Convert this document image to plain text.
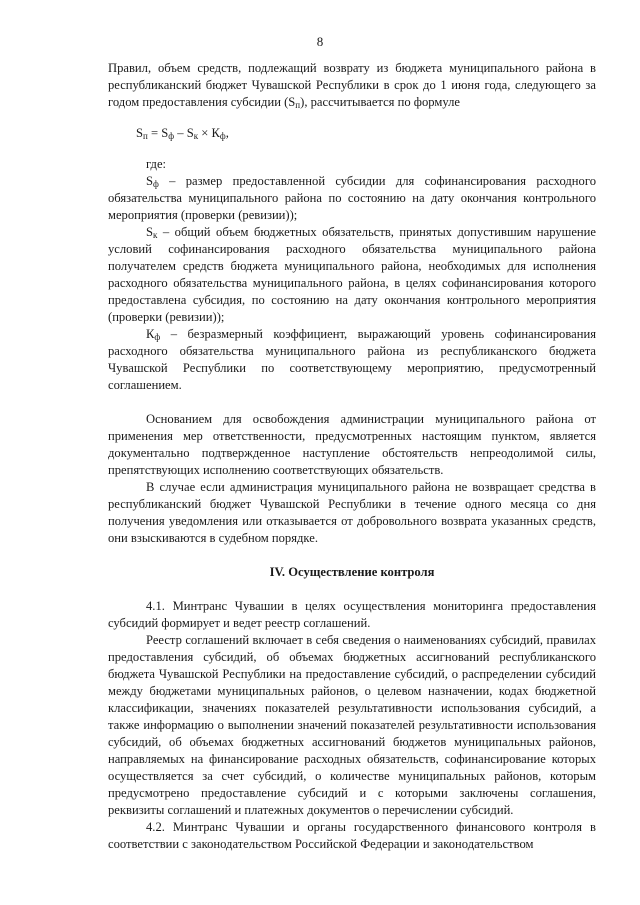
8

Правил, объем средств, подлежащий возврату из бюджета муниципального района в республиканский бюджет Чувашской Республики в срок до 1 июня года, следующего за годом предоставления субсидии $(S_п)$, рассчитывается по формуле

$S_п = S_ф - S_к \times К_ф$,

где:

$S_ф$ – размер предоставленной субсидии для софинансирования расходного обязательства муниципального района по состоянию на дату окончания контрольного мероприятия (проверки (ревизии));

$S_к$ – общий объем бюджетных обязательств, принятых допустившим нарушение условий софинансирования расходного обязательства муниципального района получателем средств бюджета муниципального района, необходимых для исполнения расходного обязательства муниципального района, в целях софинансирования которого предоставлена субсидия, по состоянию на дату окончания контрольного мероприятия (проверки (ревизии));

$К_ф$ – безразмерный коэффициент, выражающий уровень софинансирования расходного обязательства муниципального района из республиканского бюджета Чувашской Республики по соответствующему мероприятию, предусмотренный соглашением.

Основанием для освобождения администрации муниципального района от применения мер ответственности, предусмотренных настоящим пунктом, является документально подтвержденное наступление обстоятельств непреодолимой силы, препятствующих исполнению соответствующих обязательств.

В случае если администрация муниципального района не возвращает средства в республиканский бюджет Чувашской Республики в течение одного месяца со дня получения уведомления или отказывается от добровольного возврата указанных средств, они взыскиваются в судебном порядке.

IV. Осуществление контроля

4.1. Минтранс Чувашии в целях осуществления мониторинга предоставления субсидий формирует и ведет реестр соглашений.

Реестр соглашений включает в себя сведения о наименованиях субсидий, правилах предоставления субсидий, об объемах бюджетных ассигнований республиканского бюджета Чувашской Республики на предоставление субсидий, о распределении субсидий между бюджетами муниципальных районов, о целевом назначении, кодах бюджетной классификации, значениях показателей результативности использования субсидий, а также информацию о выполнении значений показателей результативности использования субсидий, об объемах бюджетных ассигнований бюджетов муниципальных районов, направляемых на финансирование расходных обязательств, софинансирование которых осуществляется за счет субсидий, о количестве муниципальных районов, которым предусмотрено предоставление субсидий и с которыми заключены соглашения, реквизиты соглашений и платежных документов о перечислении субсидий.

4.2. Минтранс Чувашии и органы государственного финансового контроля в соответствии с законодательством Российской Федерации и законодательством
